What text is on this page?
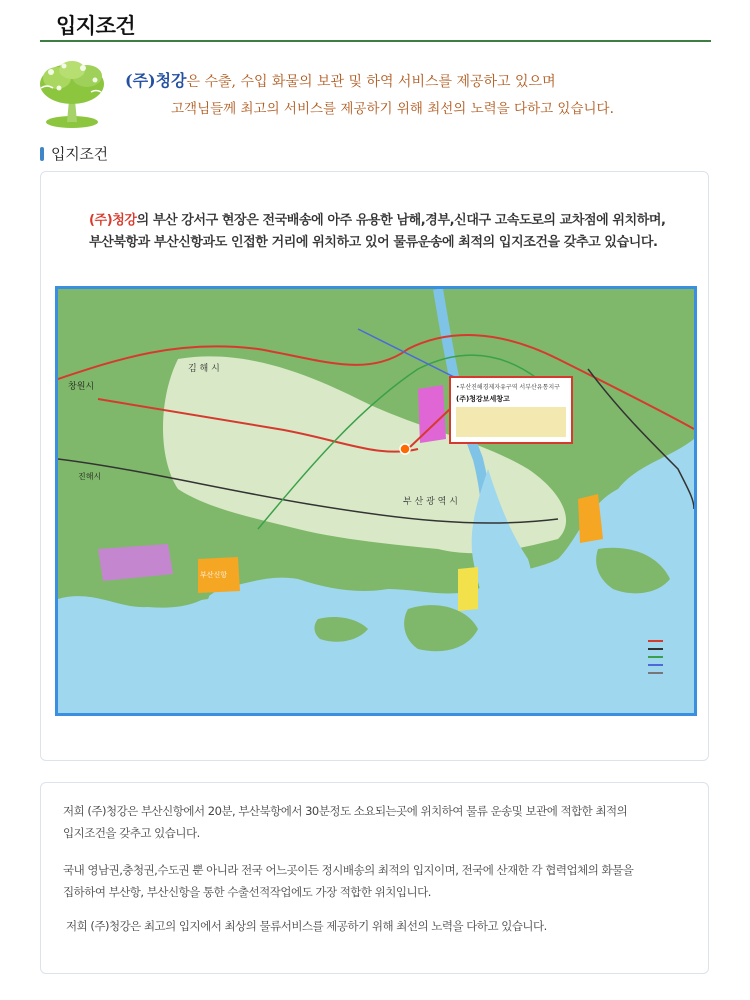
입지조건
(주)청강은 수출, 수입 화물의 보관 및 하역 서비스를 제공하고 있으며
고객님들께 최고의 서비스를 제공하기 위해 최선의 노력을 다하고 있습니다.
입지조건
(주)청강의 부산 강서구 현장은 전국배송에 아주 유용한 남해,경부,신대구 고속도로의 교차점에 위치하며,
부산북항과 부산신항과도 인접한 거리에 위치하고 있어 물류운송에 최적의 입지조건을 갖추고 있습니다.
•부산진해경제자유구역 서부산유통지구
(주)청강보세창고
김 해 시
창원시
진해시
부 산 광 역 시
부산신항
저희 (주)청강은 부산신항에서 20분, 부산북항에서 30분정도 소요되는곳에 위치하여 물류 운송및 보관에 적합한 최적의
입지조건을 갖추고 있습니다.
국내 영남권,충청권,수도권 뿐 아니라 전국 어느곳이든 정시배송의 최적의 입지이며, 전국에 산재한 각 협력업체의 화물을
집하하여 부산항, 부산신항을 통한 수출선적작업에도 가장 적합한 위치입니다.
저희 (주)청강은 최고의 입지에서 최상의 물류서비스를 제공하기 위해 최선의 노력을 다하고 있습니다.
